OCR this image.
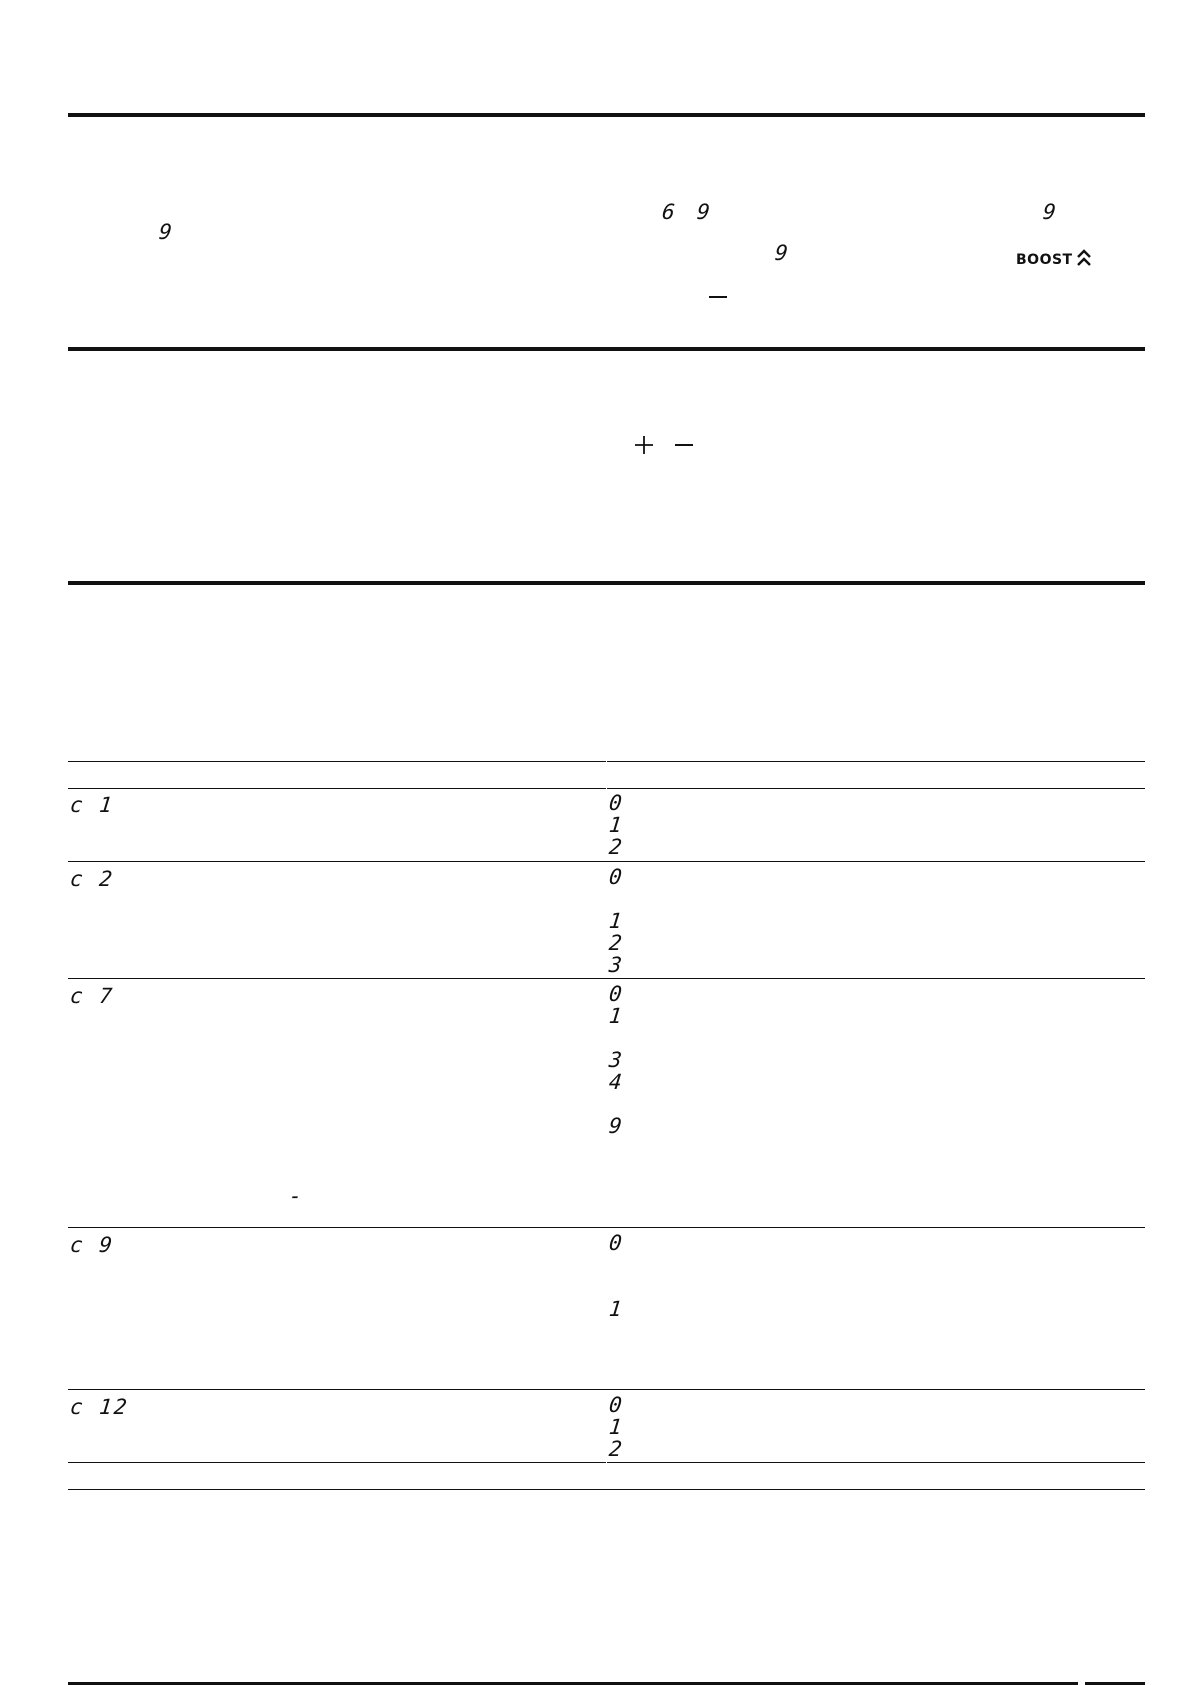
9
6 9	9
9	BOOST
c 1	0
1
2
c 2	0
1
2
3
c 7	0
1
3
4
9
-
c 9	0
1
c 12	0
1
2
